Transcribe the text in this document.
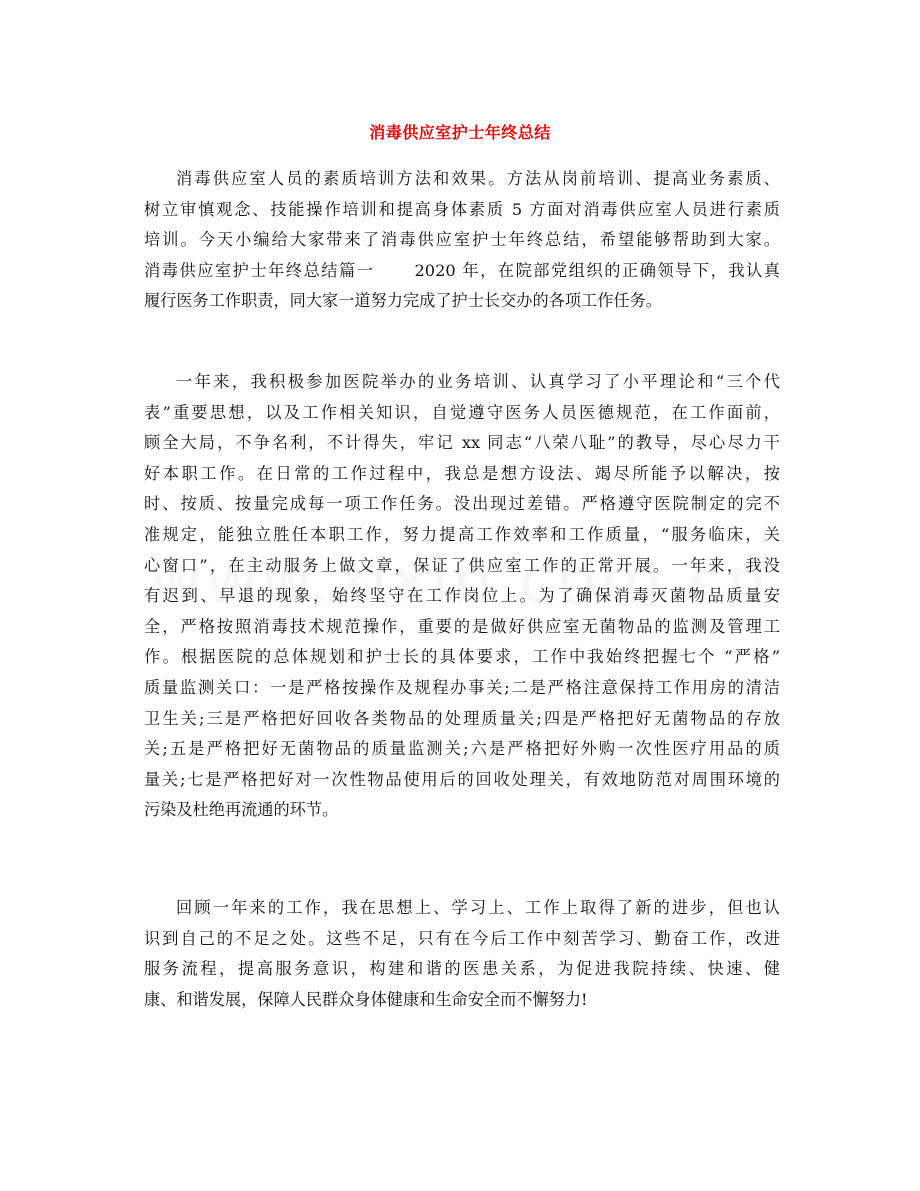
消毒供应室护士年终总结
消毒供应室人员的素质培训方法和效果。方法从岗前培训、提高业务素质、
树立审慎观念、技能操作培训和提高身体素质 5 方面对消毒供应室人员进行素质
培训。今天小编给大家带来了消毒供应室护士年终总结，希望能够帮助到大家。
消毒供应室护士年终总结篇一 2020 年，在院部党组织的正确领导下，我认真
履行医务工作职责，同大家一道努力完成了护士长交办的各项工作任务。
一年来，我积极参加医院举办的业务培训、认真学习了小平理论和“三个代
表”重要思想，以及工作相关知识，自觉遵守医务人员医德规范，在工作面前，
顾全大局，不争名利，不计得失，牢记 xx 同志“八荣八耻”的教导，尽心尽力干
好本职工作。在日常的工作过程中，我总是想方设法、竭尽所能予以解决，按
时、按质、按量完成每一项工作任务。没出现过差错。严格遵守医院制定的完不
准规定，能独立胜任本职工作，努力提高工作效率和工作质量，“服务临床，关
心窗口”，在主动服务上做文章，保证了供应室工作的正常开展。一年来，我没
有迟到、早退的现象，始终坚守在工作岗位上。为了确保消毒灭菌物品质量安
全，严格按照消毒技术规范操作，重要的是做好供应室无菌物品的监测及管理工
作。根据医院的总体规划和护士长的具体要求，工作中我始终把握七个 “严格”
质量监测关口：一是严格按操作及规程办事关;二是严格注意保持工作用房的清洁
卫生关;三是严格把好回收各类物品的处理质量关;四是严格把好无菌物品的存放
关;五是严格把好无菌物品的质量监测关;六是严格把好外购一次性医疗用品的质
量关;七是严格把好对一次性物品使用后的回收处理关，有效地防范对周围环境的
污染及杜绝再流通的环节。
回顾一年来的工作，我在思想上、学习上、工作上取得了新的进步，但也认
识到自己的不足之处。这些不足，只有在今后工作中刻苦学习、勤奋工作，改进
服务流程，提高服务意识，构建和谐的医患关系，为促进我院持续、快速、健
康、和谐发展，保障人民群众身体健康和生命安全而不懈努力!
